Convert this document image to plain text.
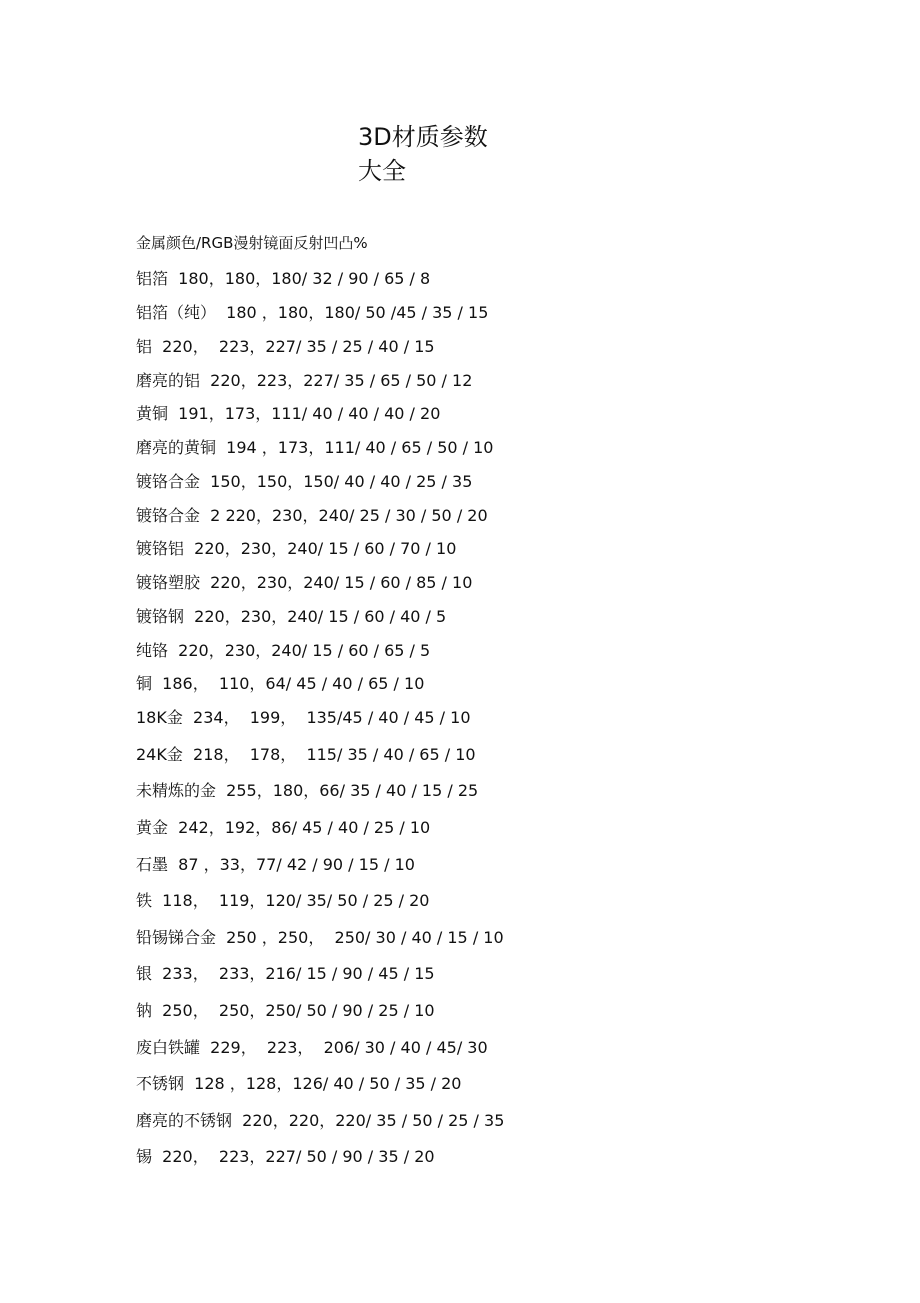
3D材质参数
大全

金属颜色/RGB漫射镜面反射凹凸%

铝箔  180，180，180/ 32 / 90 / 65 / 8
铝箔（纯）  180 ，180，180/ 50 /45 / 35 / 15
铝  220，  223，227/ 35 / 25 / 40 / 15
磨亮的铝  220，223，227/ 35 / 65 / 50 / 12
黄铜  191，173，111/ 40 / 40 / 40 / 20
磨亮的黄铜  194 ，173，111/ 40 / 65 / 50 / 10
镀铬合金  150，150，150/ 40 / 40 / 25 / 35
镀铬合金  2 220，230，240/ 25 / 30 / 50 / 20
镀铬铝  220，230，240/ 15 / 60 / 70 / 10
镀铬塑胶  220，230，240/ 15 / 60 / 85 / 10
镀铬钢  220，230，240/ 15 / 60 / 40 / 5
纯铬  220，230，240/ 15 / 60 / 65 / 5
铜  186，  110，64/ 45 / 40 / 65 / 10
18K金  234，  199，  135/45 / 40 / 45 / 10
24K金  218，  178，  115/ 35 / 40 / 65 / 10
未精炼的金  255，180，66/ 35 / 40 / 15 / 25
黄金  242，192，86/ 45 / 40 / 25 / 10
石墨  87 ，33，77/ 42 / 90 / 15 / 10
铁  118，  119，120/ 35/ 50 / 25 / 20
铅锡锑合金  250 ，250，  250/ 30 / 40 / 15 / 10
银  233，  233，216/ 15 / 90 / 45 / 15
钠  250，  250，250/ 50 / 90 / 25 / 10
废白铁罐  229，  223，  206/ 30 / 40 / 45/ 30
不锈钢  128 ，128，126/ 40 / 50 / 35 / 20
磨亮的不锈钢  220，220，220/ 35 / 50 / 25 / 35
锡  220，  223，227/ 50 / 90 / 35 / 20
